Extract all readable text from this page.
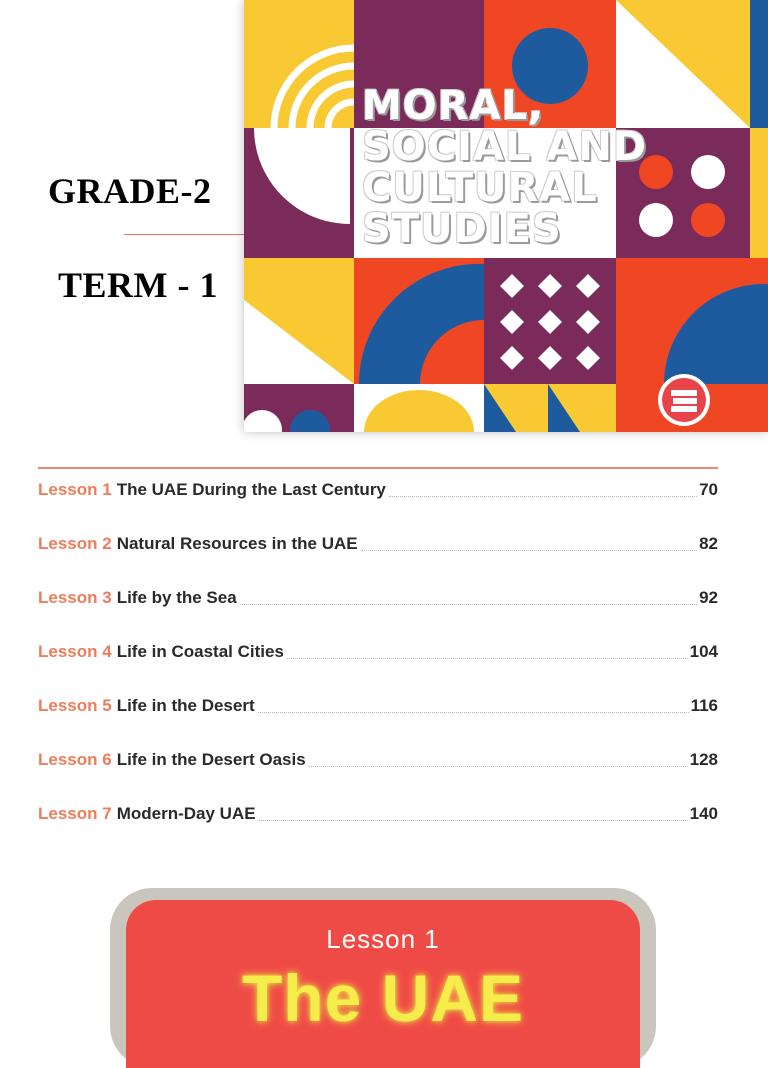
GRADE-2
TERM - 1
MORAL,
SOCIAL AND
CULTURAL
STUDIES
Lesson 1 The UAE During the Last Century	70
Lesson 2 Natural Resources in the UAE	82
Lesson 3 Life by the Sea	92
Lesson 4 Life in Coastal Cities	104
Lesson 5 Life in the Desert	116
Lesson 6 Life in the Desert Oasis	128
Lesson 7 Modern-Day UAE	140
Lesson 1
The UAE
